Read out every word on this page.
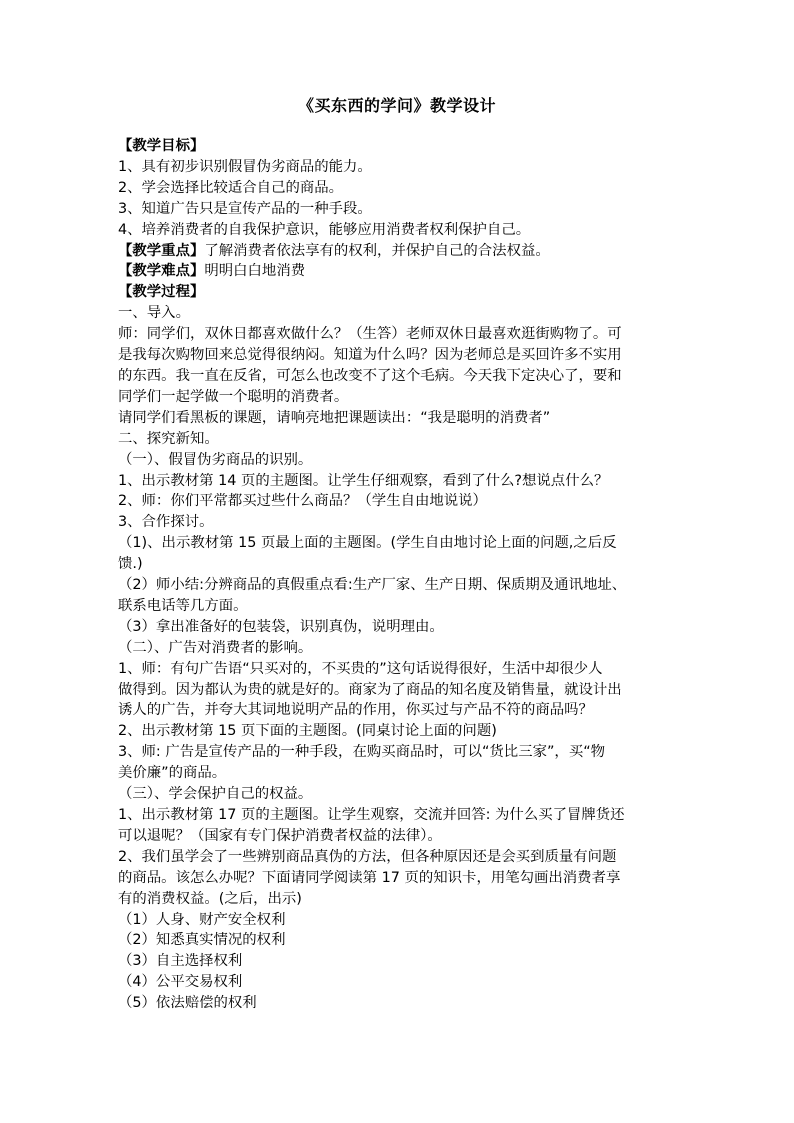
《买东西的学问》教学设计
【教学目标】
1、具有初步识别假冒伪劣商品的能力。
2、学会选择比较适合自己的商品。
3、知道广告只是宣传产品的一种手段。
4、培养消费者的自我保护意识，能够应用消费者权利保护自己。
【教学重点】了解消费者依法享有的权利，并保护自己的合法权益。
【教学难点】明明白白地消费
【教学过程】
一、导入。
师：同学们，双休日都喜欢做什么？（生答）老师双休日最喜欢逛街购物了。可
是我每次购物回来总觉得很纳闷。知道为什么吗？因为老师总是买回许多不实用
的东西。我一直在反省，可怎么也改变不了这个毛病。今天我下定决心了，要和
同学们一起学做一个聪明的消费者。
请同学们看黑板的课题，请响亮地把课题读出：“我是聪明的消费者”
二、探究新知。
（一）、假冒伪劣商品的识别。
1、出示教材第 14 页的主题图。让学生仔细观察，看到了什么?想说点什么？
2、师：你们平常都买过些什么商品？（学生自由地说说）
3、合作探讨。
（1)、出示教材第 15 页最上面的主题图。(学生自由地讨论上面的问题,之后反
馈.)
（2）师小结:分辨商品的真假重点看:生产厂家、生产日期、保质期及通讯地址、
联系电话等几方面。
（3）拿出准备好的包装袋，识别真伪，说明理由。
（二）、广告对消费者的影响。
1、师：有句广告语“只买对的，不买贵的”这句话说得很好，生活中却很少人
做得到。因为都认为贵的就是好的。商家为了商品的知名度及销售量，就设计出
诱人的广告，并夸大其词地说明产品的作用，你买过与产品不符的商品吗？
2、出示教材第 15 页下面的主题图。(同桌讨论上面的问题)
3、师: 广告是宣传产品的一种手段，在购买商品时，可以“货比三家”，买“物
美价廉”的商品。
（三）、学会保护自己的权益。
1、出示教材第 17 页的主题图。让学生观察，交流并回答: 为什么买了冒牌货还
可以退呢？（国家有专门保护消费者权益的法律）。
2、我们虽学会了一些辨别商品真伪的方法，但各种原因还是会买到质量有问题
的商品。该怎么办呢？下面请同学阅读第 17 页的知识卡，用笔勾画出消费者享
有的消费权益。(之后，出示)
（1）人身、财产安全权利
（2）知悉真实情况的权利
（3）自主选择权利
（4）公平交易权利
（5）依法赔偿的权利
